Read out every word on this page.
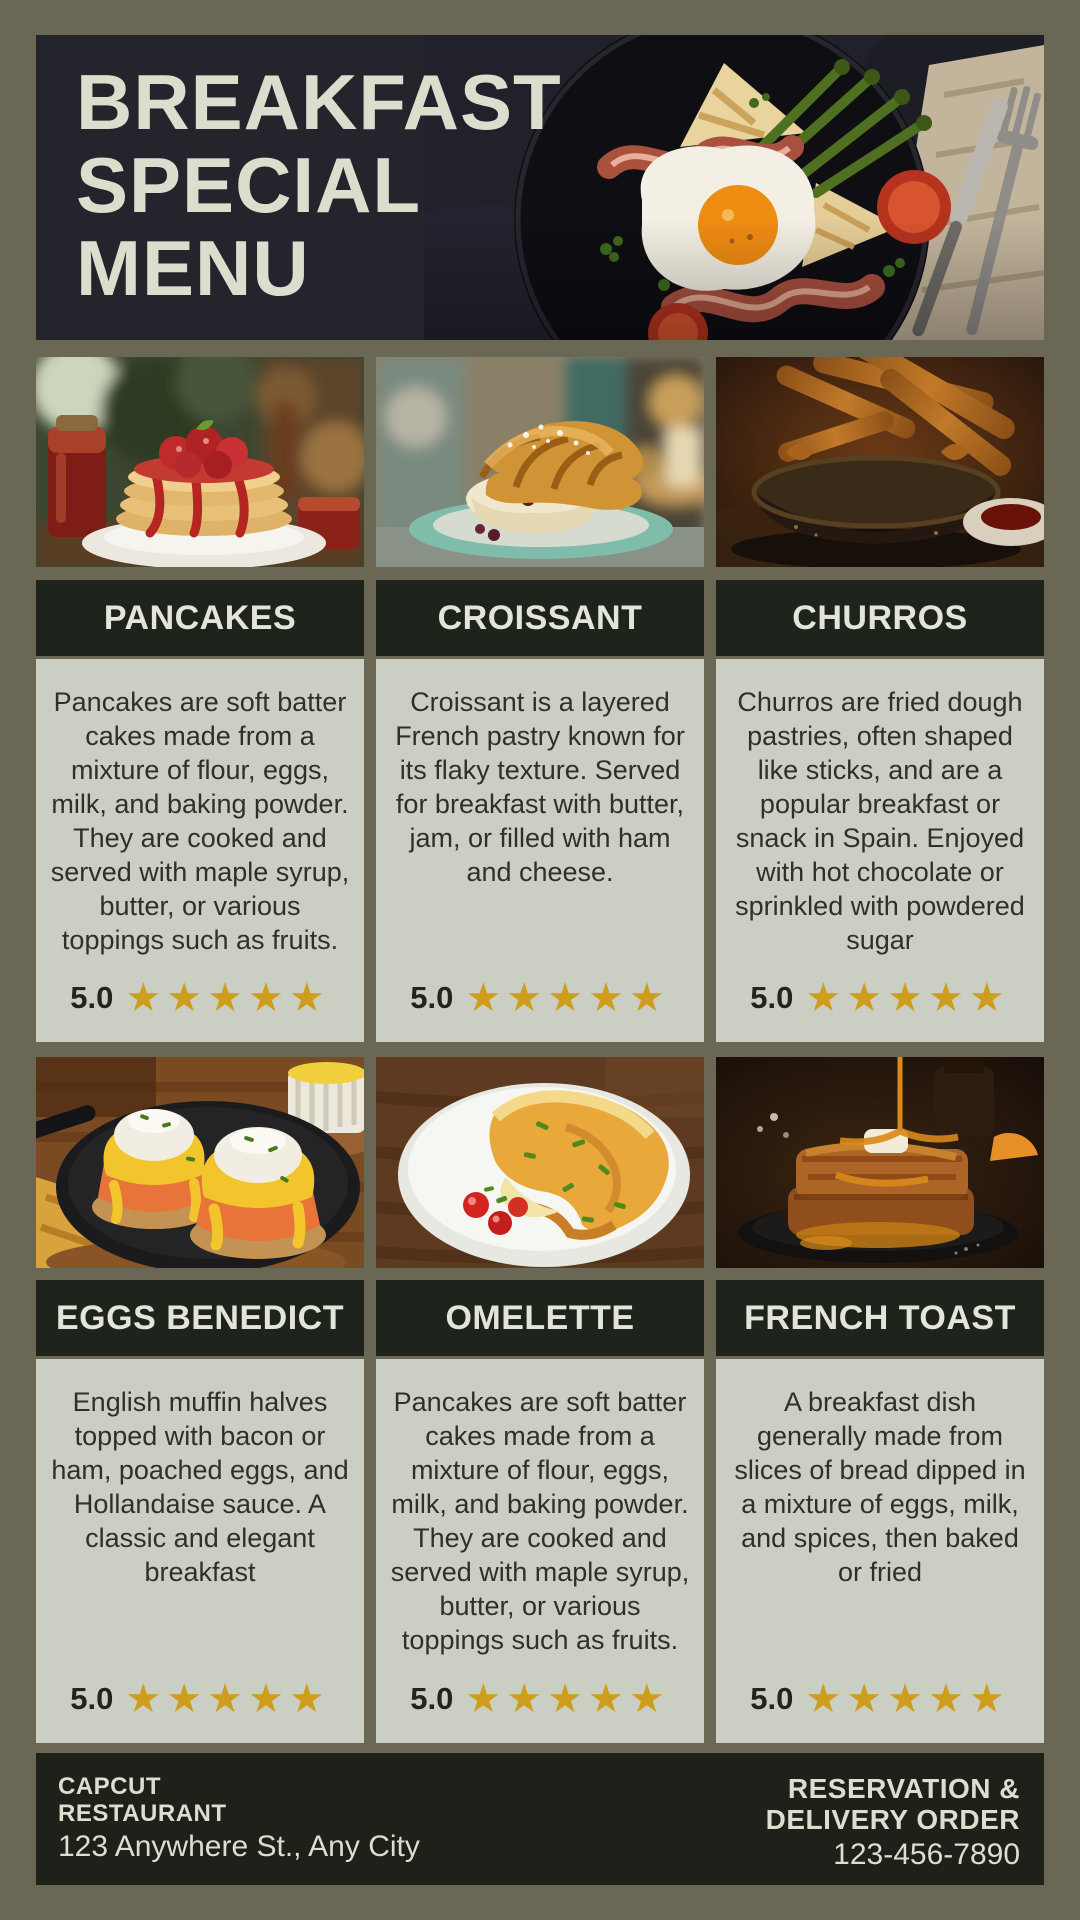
BREAKFAST
SPECIAL
MENU
PANCAKES	CROISSANT	CHURROS
Pancakes are soft batter cakes made from a mixture of flour, eggs, milk, and baking powder. They are cooked and served with maple syrup, butter, or various toppings such as fruits.
5.0 ★★★★★
Croissant is a layered French pastry known for its flaky texture. Served for breakfast with butter, jam, or filled with ham and cheese.
5.0 ★★★★★
Churros are fried dough pastries, often shaped like sticks, and are a popular breakfast or snack in Spain. Enjoyed with hot chocolate or sprinkled with powdered sugar
5.0 ★★★★★
EGGS BENEDICT	OMELETTE	FRENCH TOAST
English muffin halves topped with bacon or ham, poached eggs, and Hollandaise sauce. A classic and elegant breakfast
5.0 ★★★★★
Pancakes are soft batter cakes made from a mixture of flour, eggs, milk, and baking powder. They are cooked and served with maple syrup, butter, or various toppings such as fruits.
5.0 ★★★★★
A breakfast dish generally made from slices of bread dipped in a mixture of eggs, milk, and spices, then baked or fried
5.0 ★★★★★
CAPCUT
RESTAURANT
123 Anywhere St., Any City
RESERVATION &
DELIVERY ORDER
123-456-7890
